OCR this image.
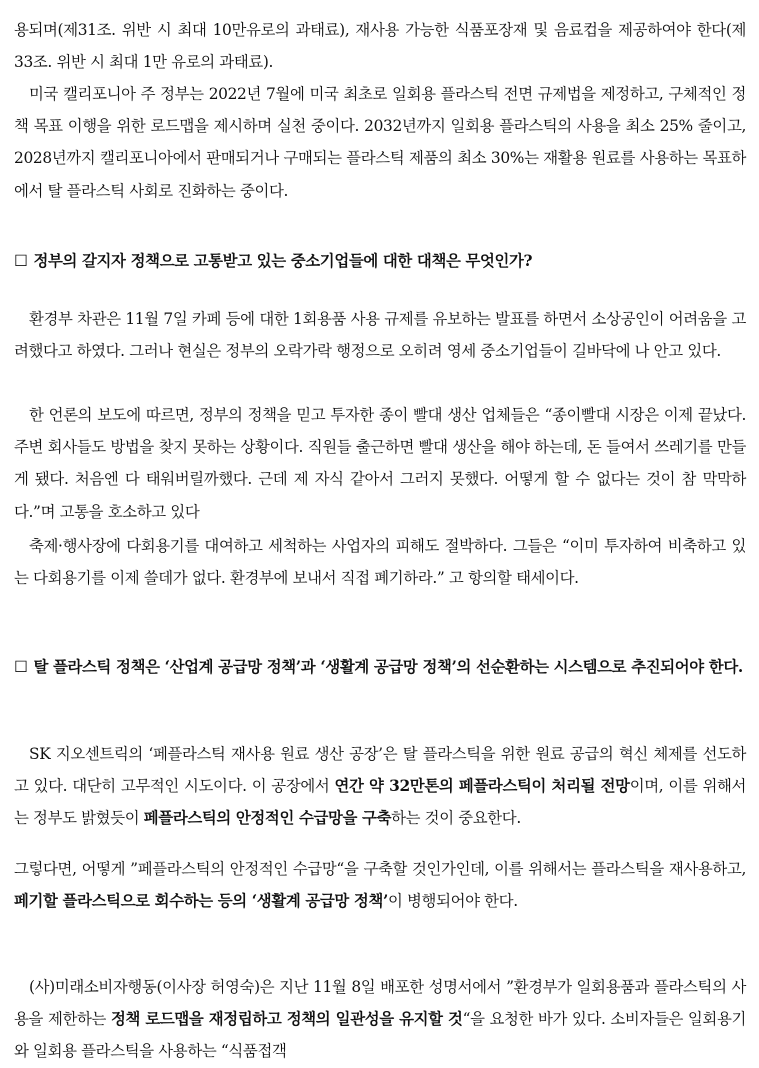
용되며(제31조. 위반 시 최대 10만유로의 과태료), 재사용 가능한 식품포장재 및 음료컵을 제공하여야 한다(제33조. 위반 시 최대 1만 유로의 과태료).

미국 캘리포니아 주 정부는 2022년 7월에 미국 최초로 일회용 플라스틱 전면 규제법을 제정하고, 구체적인 정책 목표 이행을 위한 로드맵을 제시하며 실천 중이다. 2032년까지 일회용 플라스틱의 사용을 최소 25% 줄이고, 2028년까지 캘리포니아에서 판매되거나 구매되는 플라스틱 제품의 최소 30%는 재활용 원료를 사용하는 목표하에서 탈 플라스틱 사회로 진화하는 중이다.

☐ 정부의 갈지자 정책으로 고통받고 있는 중소기업들에 대한 대책은 무엇인가?

환경부 차관은 11월 7일 카페 등에 대한 1회용품 사용 규제를 유보하는 발표를 하면서 소상공인이 어려움을 고려했다고 하였다. 그러나 현실은 정부의 오락가락 행정으로 오히려 영세 중소기업들이 길바닥에 나 안고 있다.

한 언론의 보도에 따르면, 정부의 정책을 믿고 투자한 종이 빨대 생산 업체들은 “종이빨대 시장은 이제 끝났다. 주변 회사들도 방법을 찾지 못하는 상황이다. 직원들 출근하면 빨대 생산을 해야 하는데, 돈 들여서 쓰레기를 만들게 됐다. 처음엔 다 태워버릴까했다. 근데 제 자식 같아서 그러지 못했다. 어떻게 할 수 없다는 것이 참 막막하다.”며 고통을 호소하고 있다

축제·행사장에 다회용기를 대여하고 세척하는 사업자의 피해도 절박하다. 그들은 “이미 투자하여 비축하고 있는 다회용기를 이제 쓸데가 없다. 환경부에 보내서 직접 폐기하라.” 고 항의할 태세이다.

☐ 탈 플라스틱 정책은 ‘산업계 공급망 정책’과 ‘생활계 공급망 정책’의 선순환하는 시스템으로 추진되어야 한다.

SK 지오센트릭의 ‘페플라스틱 재사용 원료 생산 공장’은 탈 플라스틱을 위한 원료 공급의 혁신 체제를 선도하고 있다. 대단히 고무적인 시도이다. 이 공장에서 연간 약 32만톤의 페플라스틱이 처리될 전망이며, 이를 위해서는 정부도 밝혔듯이 페플라스틱의 안정적인 수급망을 구축하는 것이 중요한다.

그렇다면, 어떻게 ”페플라스틱의 안정적인 수급망“을 구축할 것인가인데, 이를 위해서는 플라스틱을 재사용하고, 페기할 플라스틱으로 회수하는 등의 ‘생활계 공급망 정책’이 병행되어야 한다.

(사)미래소비자행동(이사장 허영숙)은 지난 11월 8일 배포한 성명서에서 ”환경부가 일회용품과 플라스틱의 사용을 제한하는 정책 로드맵을 재정립하고 정책의 일관성을 유지할 것“을 요청한 바가 있다. 소비자들은 일회용기와 일회용 플라스틱을 사용하는 “식품접객
